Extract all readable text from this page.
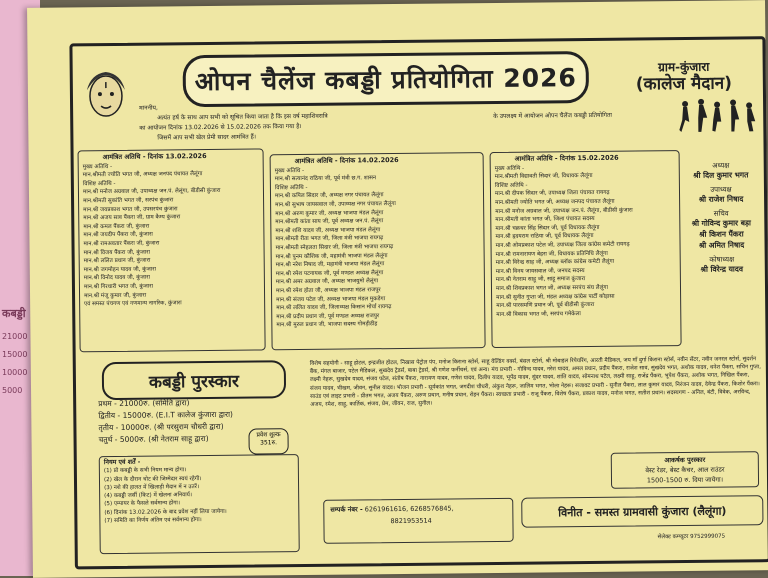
कबड्डी
21000
15000
10000
5000
ओपन चैलेंज कबड्डी प्रतियोगिता 2026	ग्राम-कुंजारा
(कालेज मैदान)
माननीय,
अत्यंत हर्ष के साथ आप सभी को सूचित किया जाता है कि इस वर्ष महाशिवरात्रि
का आयोजन दिनांक 13.02.2026 से 15.02.2026 तक किया गया है।
जिसमें आप सभी खेल प्रेमी सादर आमंत्रित हैं।
के उपलक्ष्य में आयोजन ओपन चैलेंज कबड्डी प्रतियोगिता
आमंत्रित अतिथि - दिनांक 13.02.2026
मुख्य अतिथि -
मान.श्रीमती ज्योति भगत जी, अध्यक्ष जनपद पंचायत लैलूंगा
विशिष्ट अतिथि -
मान.श्री मनोज अग्रवाल जी, उपाध्यक्ष जन.पं. लैलूंगा, बीडीसी कुंजारा
मान.श्रीमती सुकांति भगत जी, सरपंच कुंजारा
मान.श्री जयप्रकाश भगत जी, उपसरपंच कुंजारा
मान.श्री अजय साव पैंकरा जी, ग्राम कैम्प कुंजारा
मान.श्री कमल पैंकरा जी, कुंजारा
मान.श्री जयदीप पैंकरा जी, कुंजारा
मान.श्री रामअवतार पैंकरा जी, कुंजारा
मान.श्री विजय पैंकरा जी, कुंजारा
मान.श्री ललित प्रधान जी, कुंजारा
मान.श्री जगमोहन यादव जी, कुंजारा
मान.श्री विनोद यादव जी, कुंजारा
मान.श्री गिरधारी भगत जी, कुंजारा
मान.श्री मंजू कुमार जी, कुंजारा
एवं समस्त पंचगण एवं गणमान्य नागरिक, कुंजारा
आमंत्रित अतिथि - दिनांक 14.02.2026
मुख्य अतिथि -
मान.श्री सत्यानंद राठिया जी, पूर्व मंत्री छ.ग. शासन
विशिष्ट अतिथि -
मान.श्री कपिल सिदार जी, अध्यक्ष नगर पंचायत लैलूंगा
मान.श्री सुभाष जायसवाल जी, उपाध्यक्ष नगर पंचायत लैलूंगा
मान.श्री अरुण कुमार जी, अध्यक्ष भाजपा मंडल लैलूंगा
मान.श्रीमती कांता साय जी, पूर्व अध्यक्ष जन.पं. लैलूंगा
मान.श्री शशि यादव जी, अध्यक्ष भाजपा मंडल लैलूंगा
मान.श्रीमती रीता भगत जी, जिला मंत्री भाजपा रायगढ़
मान.श्रीमती स्नेहलता सिदार जी, जिला मंत्री भाजपा रायगढ़
मान.श्री पुनम कौशिक जी, महामंत्री भाजपा मंडल लैलूंगा
मान.श्री नरेश निषाद जी, महामंत्री भाजपा मंडल लैलूंगा
मान.श्री रमेश पटनायक जी, पूर्व मण्डल अध्यक्ष लैलूंगा
मान.श्री अमर अग्रवाल जी, अध्यक्ष भाजयुमो लैलूंगा
मान.श्री रमेश होता जी, अध्यक्ष भाजपा मंडल राजपुर
मान.श्री संजय पटेल जी, अध्यक्ष भाजपा मंडल मुकडेगा
मान.श्री ललित यादव जी, जिलाध्यक्ष किसान मोर्चा रायगढ़
मान.श्री प्रदीप प्रधान जी, पूर्व मण्डल अध्यक्ष राजपुर
मान.श्री मुरुल प्रधान जी, भाजपा सदस्य गोमड़ीडीह
आमंत्रित अतिथि - दिनांक 15.02.2026
मुख्य अतिथि -
मान.श्रीमती विद्यावती सिदार जी, विधायक लैलूंगा
विशिष्ट अतिथि -
मान.श्री दीपक सिदार जी, उपाध्यक्ष जिला पंचायत रायगढ़
मान.श्रीमती ज्योति भगत जी, अध्यक्ष जनपद पंचायत लैलूंगा
मान.श्री मनोज अग्रवाल जी, उपाध्यक्ष जन.पं. लैलूंगा, बीडीसी कुंजारा
मान.श्रीमती कांता भगत जी, जिला पंचायत सदस्य
मान.श्री चक्रधर सिंह सिदार जी, पूर्व विधायक लैलूंगा
मान.श्री हृदयराम राठिया जी, पूर्व विधायक लैलूंगा
मान.श्री ओमप्रकाश पटेल जी, उपाध्यक्ष जिला कांग्रेस कमेटी रायगढ़
मान.श्री रामनारायण बेहरा जी, विधायक प्रतिनिधि लैलूंगा
मान.श्री विरेन्द्र साह जी, अध्यक्ष ब्लॉक कांग्रेस कमेटी लैलूंगा
मान.श्री विनय जायसवाल जी, जनपद सदस्य
मान.श्री नेतराम साहू जी, साहू समाज कुंजारा
मान.श्री शिवप्रकाश भगत जी, अध्यक्ष सरपंच संघ लैलूंगा
मान.श्री सुनीत गुप्ता जी, मंडल अध्यक्ष कांग्रेस पार्टी कोड़ासा
मान.श्री पारसमणि प्रधान जी, पूर्व बीडीसी कुंजारा
मान.श्री विकास भगत जी, सरपंच गमेकेला
अध्यक्ष
श्री दिल कुमार भगत
उपाध्यक्ष
श्री राजेश निषाद
सचिव
श्री गोविन्द कुमार बड़ा
श्री किशन पैंकरा
श्री अमित निषाद
कोषाध्यक्ष
श्री विरेन्द्र यादव
कबड्डी पुरस्कार
प्रथम - 21000रु. (समिति द्वारा)
द्वितीय - 15000रु. (E.I.T कालेज कुंजारा द्वारा)
तृतीय - 10000रु. (श्री परसुराम चौधरी द्वारा)
चतुर्थ - 5000रु. (श्री नेतराम साहू द्वारा)	प्रवेश शुल्क
351रु.
नियम एवं शर्तें -
(1) प्रो कबड्डी के सभी नियम मान्य होगा।
(2) खेल के दौरान चोट की जिम्मेदार स्वयं रहेगी।
(3) नशे की हालत में खिलाड़ी मैदान में न उतरें।
(4) कबड्डी जर्सी (किट) में खेलना अनिवार्य।
(5) एम्पायर के फैसले सर्वमान्य होगा।
(6) दिनांक 13.02.2026 के बाद प्रवेश नहीं लिया जायेगा।
(7) समिति का निर्णय अंतिम एवं सर्वमान्य होगा।
विशेष सहयोगी - साहू होटल, इन्द्रजीत होटल, निखास पेट्रोल पंप, मनोज किराना स्टोर्स, साहू वेल्डिंग वर्क्स, बंसल स्टोर्स, श्री मोबाइल रिपेयरिंग, आरती मैडिकल, जय माँ दुर्गा किराना स्टोर्स, नवीन सेंटर, नवीन जनरल स्टोर्स, सुदर्शन बैंक, मंगल बाजार, पटेल मैडिकल, सुखदेव ट्रेडर्स, बाबा ट्रेडर्स, श्री गणेश फर्नीचर्स, एवं अन्य। मंच प्रभारी - गोविन्द यादव, नरेश यादव, अमल प्रधान, प्रदीप पैंकरा, राजेश साव, सुखदेव भगत, अशोक यादव, धनेश पैंकरा, सचिन गुप्ता, लक्ष्मी नेहरू, सुखदेव यादव, संजय पटेल, संतोष पैंकरा, नारायण यादव, गणेश यादव, दिलीप यादव, भूपेंद्र यादव, सुंदर यादव, शांति यादव, सोमनाथ पटेल, लक्ष्मी साहू, राजेंद्र पैंकरा, भूपेश पैंकरा, अशोक भगत, निखिल पैंकरा, संजय यादव, भीखम, जीवन, सुनील यादव। भोजन प्रभारी - सूर्यकांत भगत, जगदीश चौधरी, अंकुश नेहरू, जालिम भगत, भोला नेहरू। सजावट प्रभारी - सुनील पैंकरा, लाल कुमार यादव, निरंजन यादव, देवेन्द्र पैंकरा, किशोर पैंकरा। साउंड एवं लाइट प्रभारी - प्रीतम भगत, अजय पैंकरा, अरुण प्रधान, मनीष प्रधान, रोहन पैंकरा। स्वच्छता प्रभारी - राजू पैंकरा, विशेष पैंकरा, प्रकाश यादव, मनोज भगत, सतीश प्रधान। सदस्यगण - अनिल, बंटी, विवेक, अरविन्द, अजय, रमेश, साहू, कार्तिक, संजय, प्रेम, जीवन, राज, सुनील।
आकर्षक पुरस्कार
बेस्ट रेडर, बेस्ट कैचर, आल राउंडर
1500-1500 रु. दिया जायेगा।
सम्पर्क नंबर - 6261961616, 6268576845,
8821953514
विनीत - समस्त ग्रामवासी कुंजारा (लैलूंगा)
सेलेक्ट कम्प्यूटर 9752999075
